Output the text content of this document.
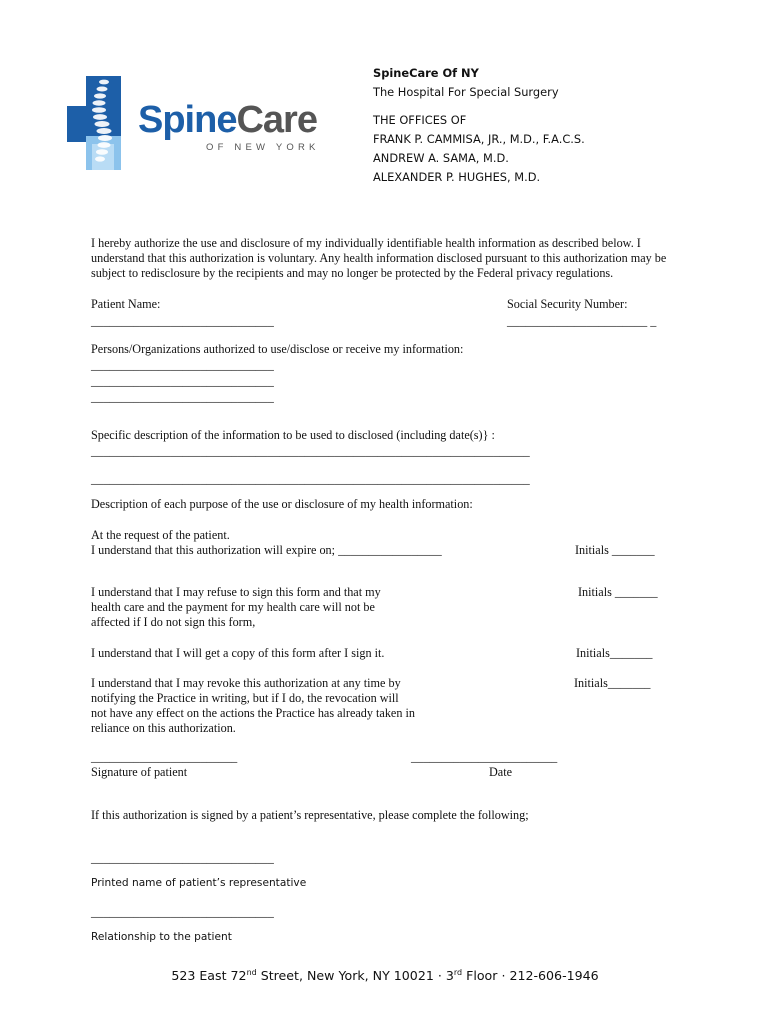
SpineCare
OF NEW YORK
SpineCare Of NY
The Hospital For Special Surgery
THE OFFICES OF
FRANK P. CAMMISA, JR., M.D., F.A.C.S.
ANDREW A. SAMA, M.D.
ALEXANDER P. HUGHES, M.D.
I hereby authorize the use and disclosure of my individually identifiable health information as described below. I understand that this authorization is voluntary. Any health information disclosed pursuant to this authorization may be subject to redisclosure by the recipients and may no longer be protected by the Federal privacy regulations.
Patient Name:
______________________________
Social Security Number:
_______________________ _
Persons/Organizations authorized to use/disclose or receive my information:
______________________________
______________________________
______________________________
Specific description of the information to be used to disclosed (including date(s)} :
________________________________________________________________________
________________________________________________________________________
Description of each purpose of the use or disclosure of my health information:
At the request of the patient.
I understand that this authorization will expire on; _________________	Initials _______
I understand that I may refuse to sign this form and that my
health care and the payment for my health care will not be
affected if I do not sign this form,
Initials _______
I understand that I will get a copy of this form after I sign it.	Initials_______
I understand that I may revoke this authorization at any time by
notifying the Practice in writing, but if I do, the revocation will
not have any effect on the actions the Practice has already taken in
reliance on this authorization.
Initials_______
________________________
Signature of patient
________________________
Date
If this authorization is signed by a patient’s representative, please complete the following;
______________________________
Printed name of patient’s representative
______________________________
Relationship to the patient
523 East 72nd Street, New York, NY 10021 · 3rd Floor · 212-606-1946
